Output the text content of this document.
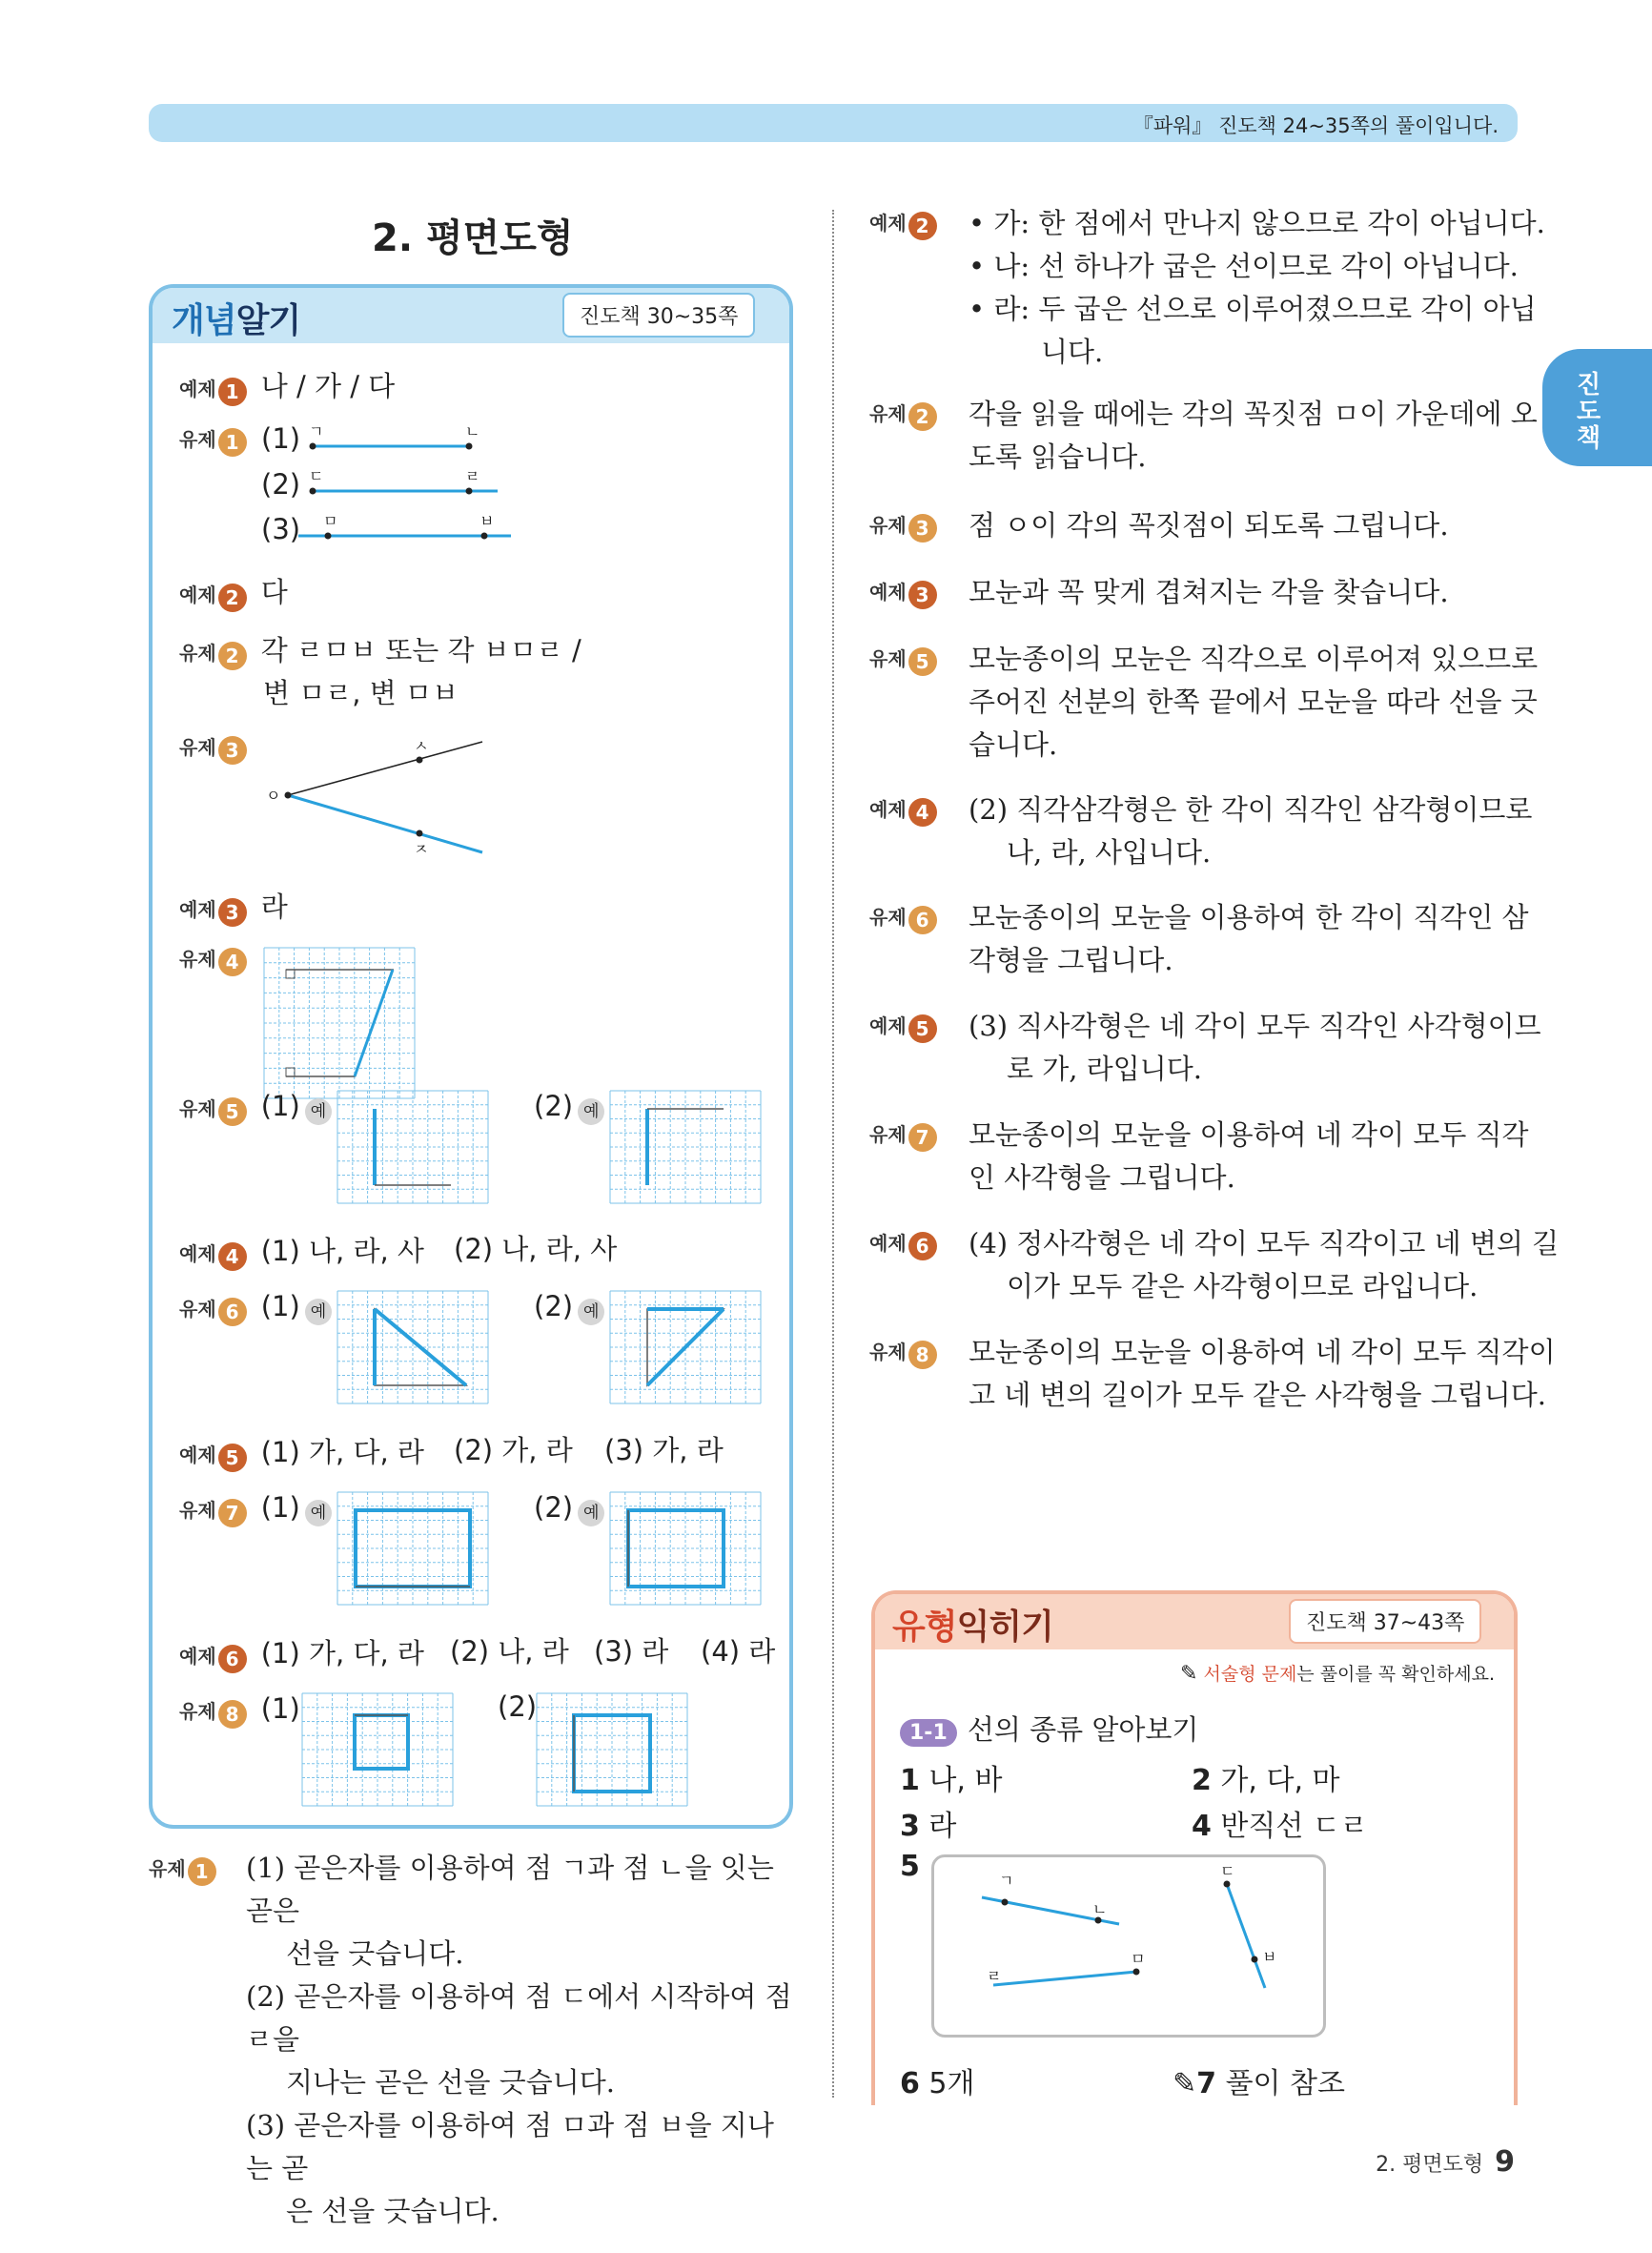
『파워』 진도책 24~35쪽의 풀이입니다.
진도책
2. 평면도형
개념알기	진도책 30~35쪽
예제 1 나 / 가 / 다
유제 1 (1)
(2)
(3)
ㄱ	ㄴ
ㄷ	ㄹ
ㅁ	ㅂ
예제 2 다
유제 2 각 ㄹㅁㅂ 또는 각 ㅂㅁㄹ /
변 ㅁㄹ, 변 ㅁㅂ
유제 3
ㅇ
ㅅ
ㅈ
예제 3 라
유제 4
유제 5 (1) 예	(2) 예
예제 4 (1) 나, 라, 사 (2) 나, 라, 사
유제 6 (1) 예	(2) 예
예제 5 (1) 가, 다, 라 (2) 가, 라 (3) 가, 라
유제 7 (1) 예	(2) 예
예제 6 (1) 가, 다, 라 (2) 나, 라 (3) 라 (4) 라
유제 8 (1)	(2)
유제 1 (1) 곧은자를 이용하여 점 ㄱ과 점 ㄴ을 잇는 곧은
선을 긋습니다.
(2) 곧은자를 이용하여 점 ㄷ에서 시작하여 점 ㄹ을
지나는 곧은 선을 긋습니다.
(3) 곧은자를 이용하여 점 ㅁ과 점 ㅂ을 지나는 곧
은 선을 긋습니다.
예제 2 • 가: 한 점에서 만나지 않으므로 각이 아닙니다.
• 나: 선 하나가 굽은 선이므로 각이 아닙니다.
• 라: 두 굽은 선으로 이루어졌으므로 각이 아닙
니다.
유제 2 각을 읽을 때에는 각의 꼭짓점 ㅁ이 가운데에 오
도록 읽습니다.
유제 3 점 ㅇ이 각의 꼭짓점이 되도록 그립니다.
예제 3 모눈과 꼭 맞게 겹쳐지는 각을 찾습니다.
유제 5 모눈종이의 모눈은 직각으로 이루어져 있으므로
주어진 선분의 한쪽 끝에서 모눈을 따라 선을 긋
습니다.
예제 4 (2) 직각삼각형은 한 각이 직각인 삼각형이므로
나, 라, 사입니다.
유제 6 모눈종이의 모눈을 이용하여 한 각이 직각인 삼
각형을 그립니다.
예제 5 (3) 직사각형은 네 각이 모두 직각인 사각형이므
로 가, 라입니다.
유제 7 모눈종이의 모눈을 이용하여 네 각이 모두 직각
인 사각형을 그립니다.
예제 6 (4) 정사각형은 네 각이 모두 직각이고 네 변의 길
이가 모두 같은 사각형이므로 라입니다.
유제 8 모눈종이의 모눈을 이용하여 네 각이 모두 직각이
고 네 변의 길이가 모두 같은 사각형을 그립니다.
유형익히기	진도책 37~43쪽
✎ 서술형 문제는 풀이를 꼭 확인하세요.
1-1 선의 종류 알아보기
1 나, 바	2 가, 다, 마
3 라	4 반직선 ㄷㄹ
5	ㄱ
ㄴ
ㄷ
ㄹ
ㅁ	ㅂ
6 5개	✎7 풀이 참조
2. 평면도형 9
